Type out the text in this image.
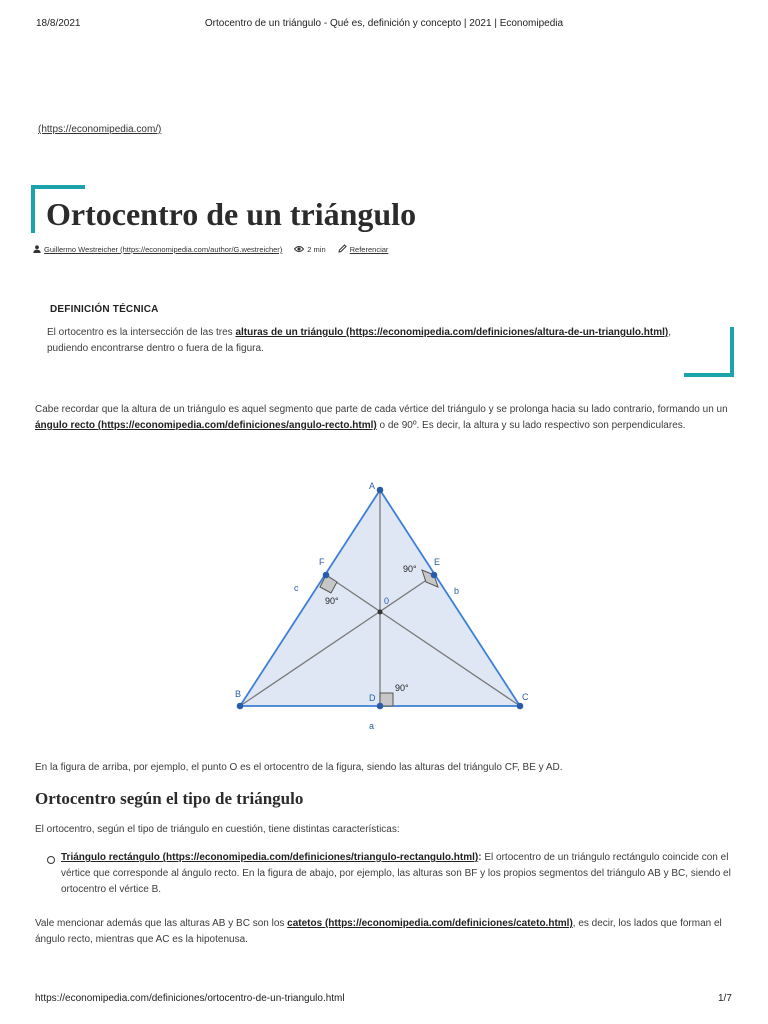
18/8/2021	Ortocentro de un triángulo - Qué es, definición y concepto | 2021 | Economipedia
(https://economipedia.com/)
Ortocentro de un triángulo
Guillermo Westreicher (https://economipedia.com/author/G.westreicher)	2 min	Referenciar
DEFINICIÓN TÉCNICA
El ortocentro es la intersección de las tres alturas de un triángulo (https://economipedia.com/definiciones/altura-de-un-triangulo.html), pudiendo encontrarse dentro o fuera de la figura.
Cabe recordar que la altura de un triángulo es aquel segmento que parte de cada vértice del triángulo y se prolonga hacia su lado contrario, formando un un ángulo recto (https://economipedia.com/definiciones/angulo-recto.html) o de 90º. Es decir, la altura y su lado respectivo son perpendiculares.
A
B	C
D
E
F
0
a
b
c
90°
90°
90°
En la figura de arriba, por ejemplo, el punto O es el ortocentro de la figura, siendo las alturas del triángulo CF, BE y AD.
Ortocentro según el tipo de triángulo
El ortocentro, según el tipo de triángulo en cuestión, tiene distintas características:
Triángulo rectángulo (https://economipedia.com/definiciones/triangulo-rectangulo.html): El ortocentro de un triángulo rectángulo coincide con el vértice que corresponde al ángulo recto. En la figura de abajo, por ejemplo, las alturas son BF y los propios segmentos del triángulo AB y BC, siendo el ortocentro el vértice B.
Vale mencionar además que las alturas AB y BC son los catetos (https://economipedia.com/definiciones/cateto.html), es decir, los lados que forman el ángulo recto, mientras que AC es la hipotenusa.
https://economipedia.com/definiciones/ortocentro-de-un-triangulo.html	1/7
